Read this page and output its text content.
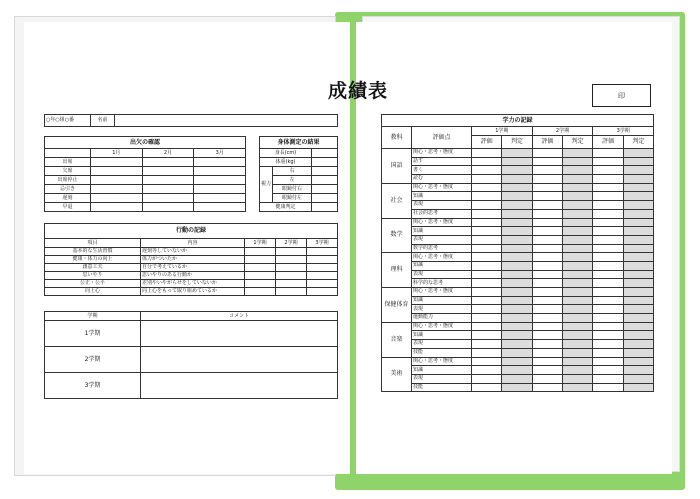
成績表	印
○年○組○番	名前	
出欠の確認			
	1月	2月	3月
出席			
欠席			
出席停止			
忌引き			
遅刻			
早退			
身体測定の結果		
身長(cm)		
体重(kg)		
視力	右	
	左	
	眼鏡付右	
	眼鏡付左	
健康判定		
行動の記録				
項目	内容	1学期	2学期	3学期
基本的な生活習慣	遅刻等していないか			
健康・体力の向上	体力がついたか			
創意工夫	自分で考えているか			
思いやり	思いやりのある行動か			
公正・公平	差別やいやがらせをしていないか			
向上心	向上心をもって取り組めているか			
学期	コメント
1学期	
2学期	
3学期	
学力の記録							
教科	評価点	1学期		2学期		3学期	
		評価	判定	評価	判定	評価	判定
国語	関心・思考・態度						
	話す						
	書く						
	読む						
社会	関心・思考・態度						
	知識						
	表現						
	社会的思考						
数学	関心・思考・態度						
	知識						
	表現						
	数学的思考						
理科	関心・思考・態度						
	知識						
	表現						
	科学的な思考						
保健体育	関心・思考・態度						
	知識						
	表現						
	運動能力						
音楽	関心・思考・態度						
	知識						
	表現						
	技能						
美術	関心・思考・態度						
	知識						
	表現						
	技能						
